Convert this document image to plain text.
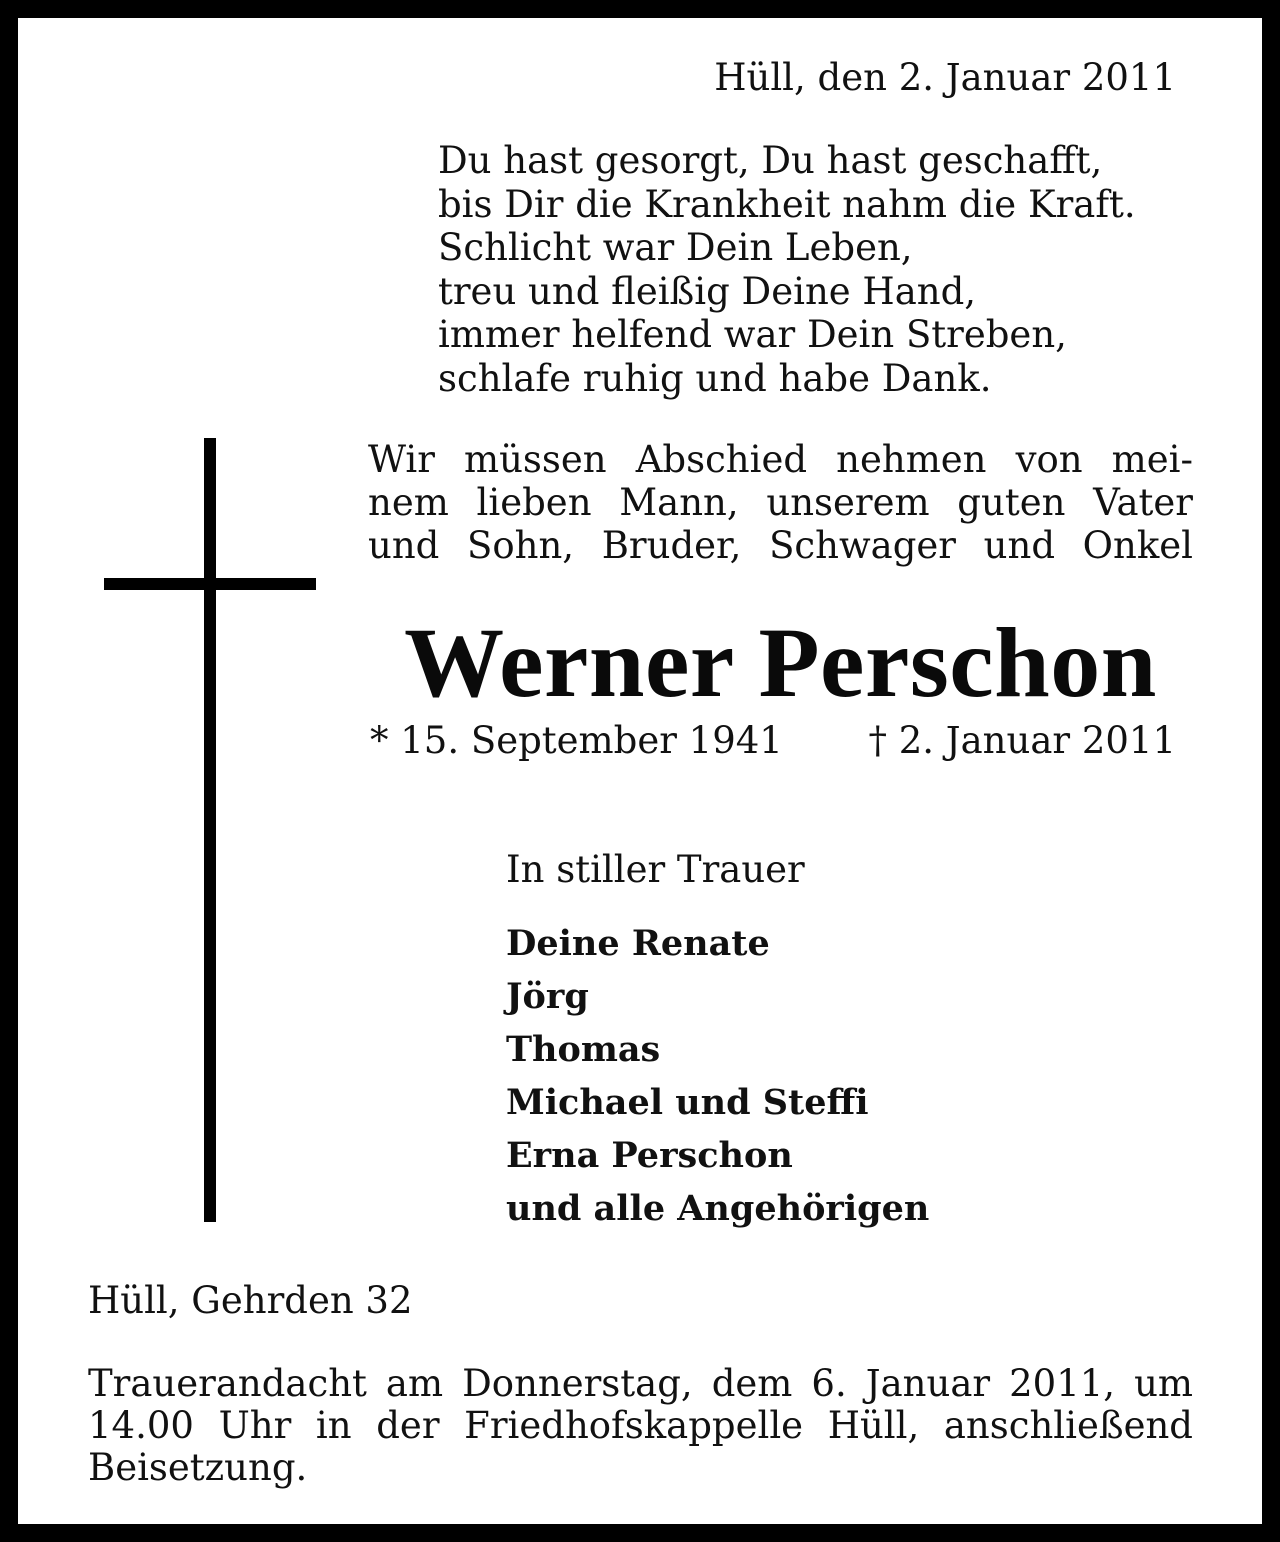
Hüll, den 2. Januar 2011
Du hast gesorgt, Du hast geschafft,
bis Dir die Krankheit nahm die Kraft.
Schlicht war Dein Leben,
treu und fleißig Deine Hand,
immer helfend war Dein Streben,
schlafe ruhig und habe Dank.
Wir müssen Abschied nehmen von mei-
nem lieben Mann, unserem guten Vater
und Sohn, Bruder, Schwager und Onkel
Werner Perschon
* 15. September 1941 † 2. Januar 2011
In stiller Trauer
Deine Renate
Jörg
Thomas
Michael und Steffi
Erna Perschon
und alle Angehörigen
Hüll, Gehrden 32
Trauerandacht am Donnerstag, dem 6. Januar 2011, um
14.00 Uhr in der Friedhofskappelle Hüll, anschließend
Beisetzung.
